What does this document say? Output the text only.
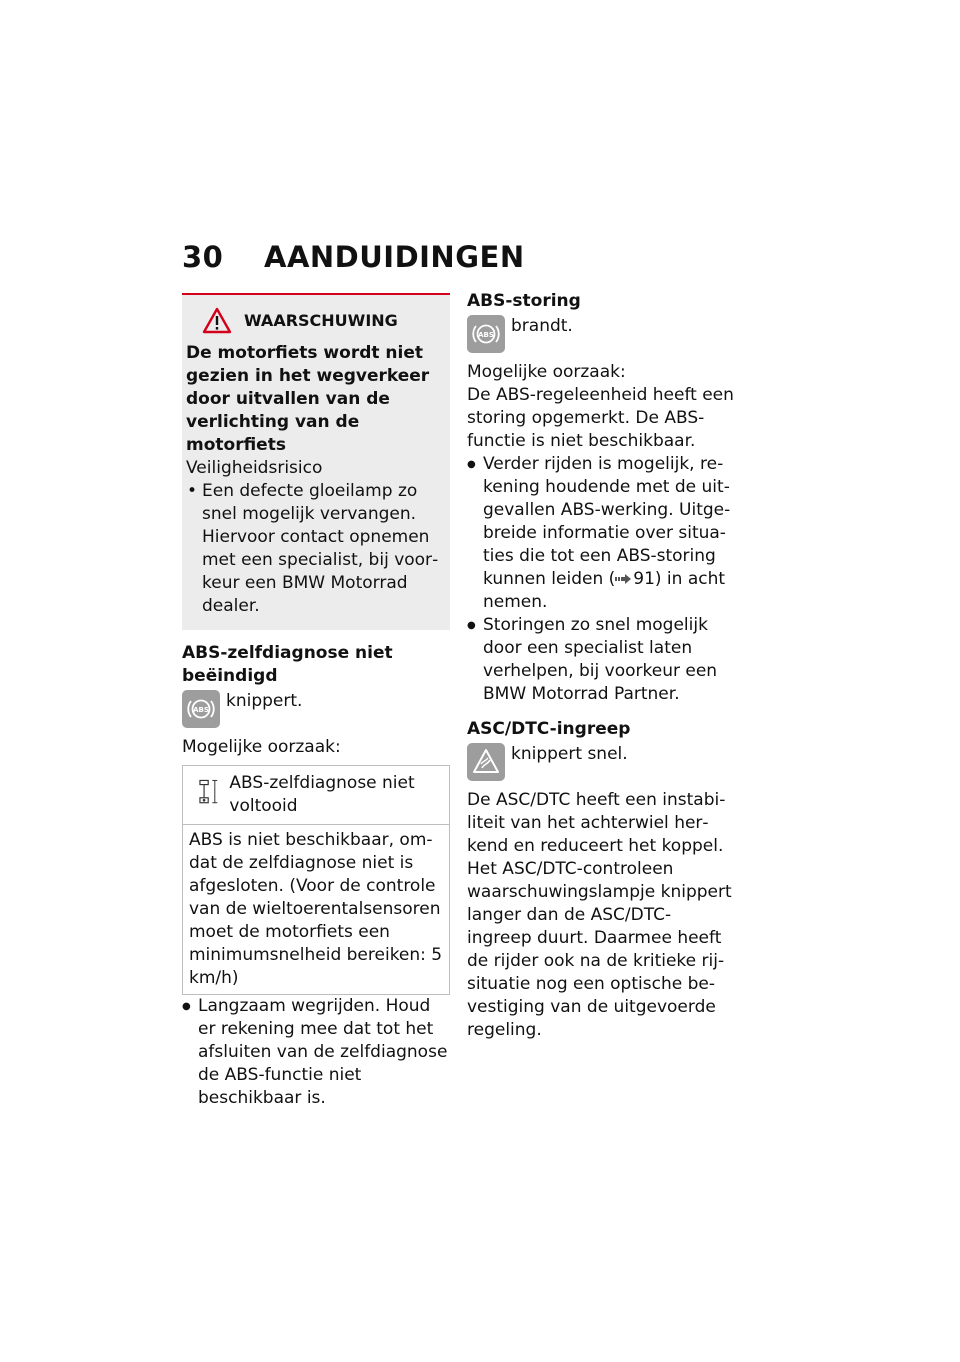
30 AANDUIDINGEN
WAARSCHUWING
De motorfiets wordt niet gezien in het wegverkeer door uitvallen van de verlichting van de motorfiets
Veiligheidsrisico
• Een defecte gloeilamp zo snel mogelijk vervangen. Hiervoor contact opnemen met een specialist, bij voorkeur een BMW Motorrad dealer.
ABS-zelfdiagnose niet beëindigd
ABS knippert.
Mogelijke oorzaak:
ABS-zelfdiagnose niet voltooid
ABS is niet beschikbaar, omdat de zelfdiagnose niet is afgesloten. (Voor de controle van de wieltoerentalsensoren moet de motorfiets een minimumsnelheid bereiken: 5 km/h)
● Langzaam wegrijden. Houd er rekening mee dat tot het afsluiten van de zelfdiagnose de ABS-functie niet beschikbaar is.
ABS-storing
ABS brandt.
Mogelijke oorzaak:
De ABS-regeleenheid heeft een storing opgemerkt. De ABS-functie is niet beschikbaar.
● Verder rijden is mogelijk, rekening houdende met de uitgevallen ABS-werking. Uitgebreide informatie over situaties die tot een ABS-storing kunnen leiden ( 91) in acht nemen.
● Storingen zo snel mogelijk door een specialist laten verhelpen, bij voorkeur een BMW Motorrad Partner.
ASC/DTC-ingreep
knippert snel.
De ASC/DTC heeft een instabiliteit van het achterwiel herkend en reduceert het koppel. Het ASC/DTC-controleen waarschuwingslampje knippert langer dan de ASC/DTC-ingreep duurt. Daarmee heeft de rijder ook na de kritieke rijsituatie nog een optische bevestiging van de uitgevoerde regeling.
